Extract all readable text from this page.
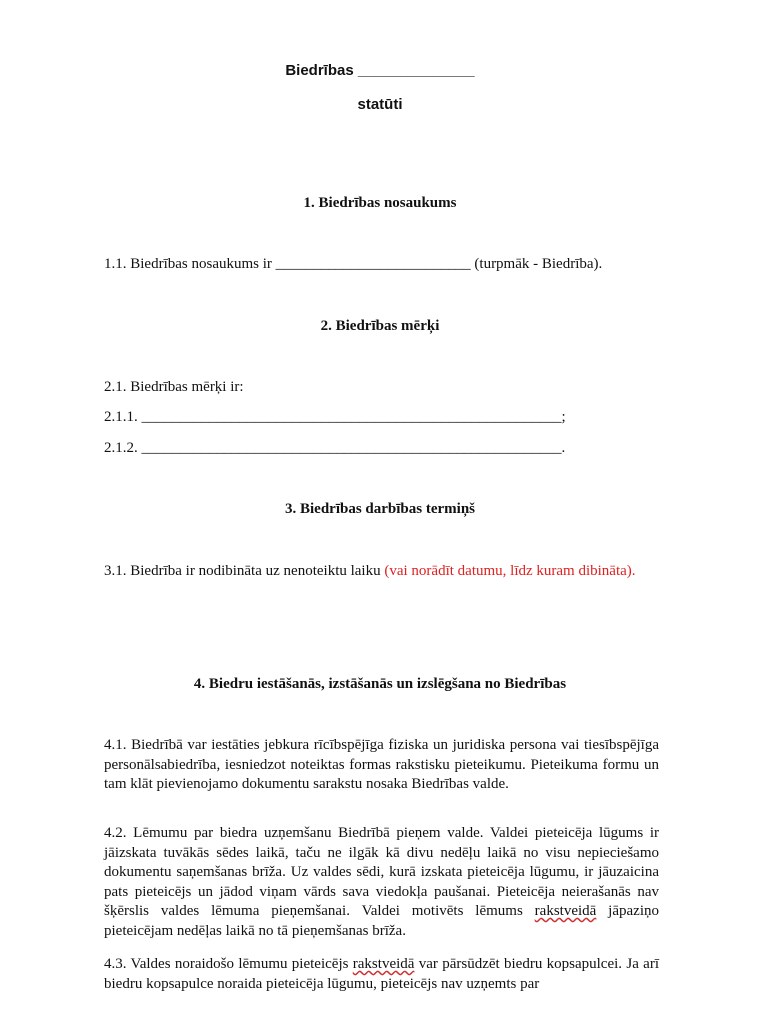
Biedrības ______________
statūti
1. Biedrības nosaukums
1.1. Biedrības nosaukums ir __________________________ (turpmāk - Biedrība).
2. Biedrības mērķi
2.1. Biedrības mērķi ir:
2.1.1. ________________________________________________________;
2.1.2. ________________________________________________________.
3. Biedrības darbības termiņš
3.1. Biedrība ir nodibināta uz nenoteiktu laiku (vai norādīt datumu, līdz kuram dibināta).
4. Biedru iestāšanās, izstāšanās un izslēgšana no Biedrības
4.1. Biedrībā var iestāties jebkura rīcībspējīga fiziska un juridiska persona vai tiesībspējīga personālsabiedrība, iesniedzot noteiktas formas rakstisku pieteikumu. Pieteikuma formu un tam klāt pievienojamo dokumentu sarakstu nosaka Biedrības valde.
4.2. Lēmumu par biedra uzņemšanu Biedrībā pieņem valde. Valdei pieteicēja lūgums ir jāizskata tuvākās sēdes laikā, taču ne ilgāk kā divu nedēļu laikā no visu nepieciešamo dokumentu saņemšanas brīža. Uz valdes sēdi, kurā izskata pieteicēja lūgumu, ir jāuzaicina pats pieteicējs un jādod viņam vārds sava viedokļa paušanai. Pieteicēja neierašanās nav šķērslis valdes lēmuma pieņemšanai. Valdei motivēts lēmums rakstveidā jāpaziņo pieteicējam nedēļas laikā no tā pieņemšanas brīža.
4.3. Valdes noraidošo lēmumu pieteicējs rakstveidā var pārsūdzēt biedru kopsapulcei. Ja arī biedru kopsapulce noraida pieteicēja lūgumu, pieteicējs nav uzņemts par
